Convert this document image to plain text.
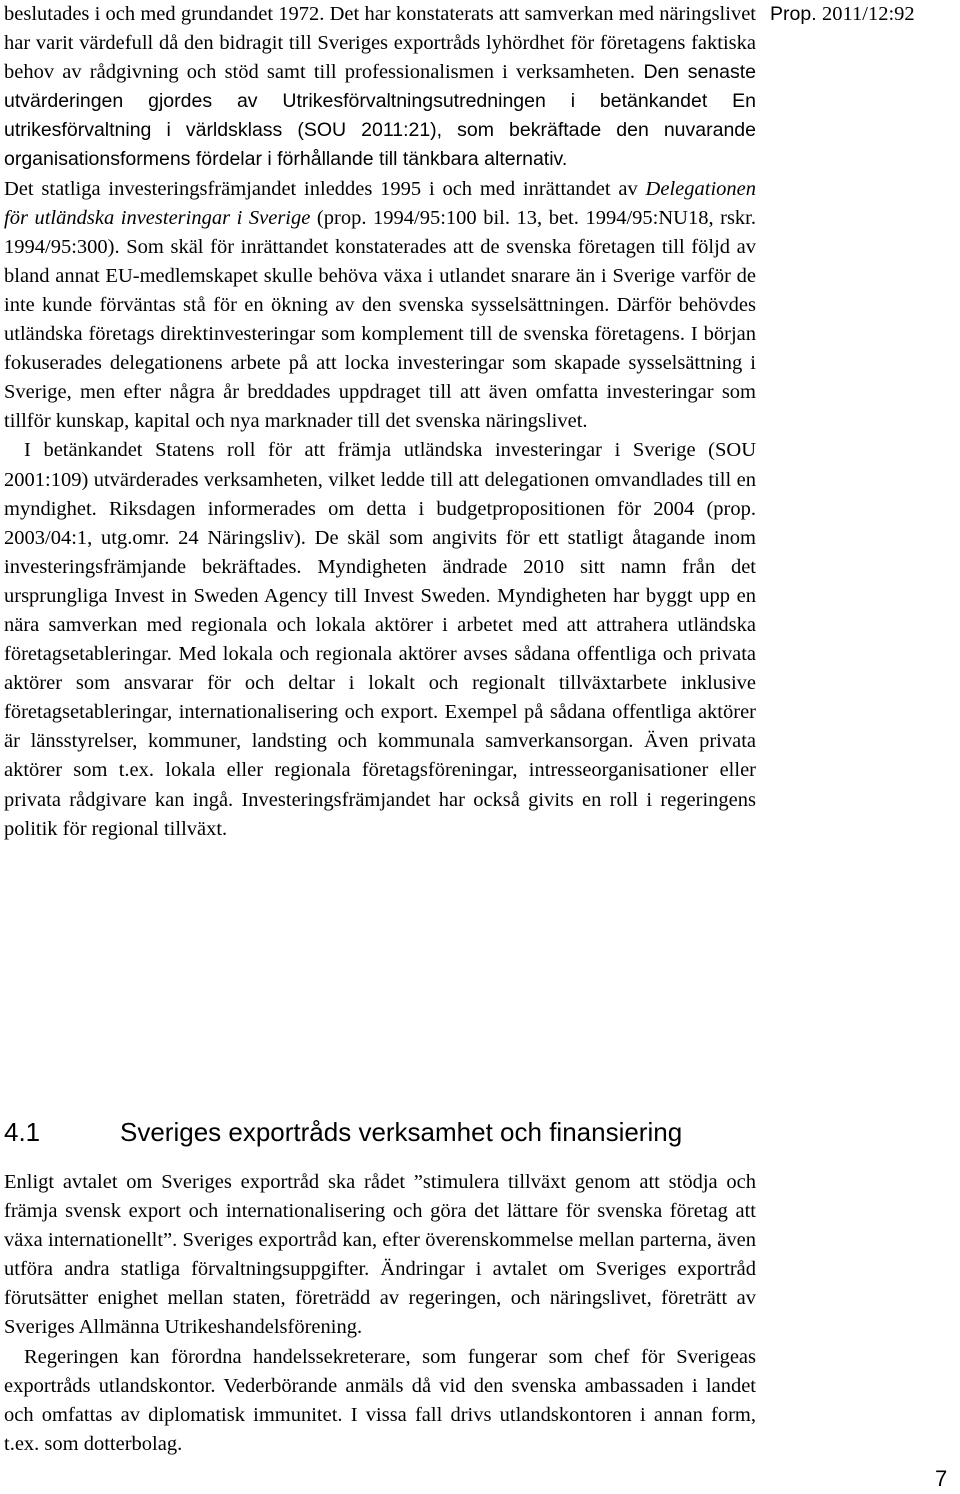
Prop. 2011/12:92

beslutades i och med grundandet 1972. Det har konstaterats att samverkan med näringslivet har varit värdefull då den bidragit till Sveriges exportråds lyhördhet för företagens faktiska behov av rådgivning och stöd samt till professionalismen i verksamheten. Den senaste utvärderingen gjordes av Utrikesförvaltningsutredningen i betänkandet En utrikesförvaltning i världsklass (SOU 2011:21), som bekräftade den nuvarande organisationsformens fördelar i förhållande till tänkbara alternativ.

Det statliga investeringsfrämjandet inleddes 1995 i och med inrättandet av Delegationen för utländska investeringar i Sverige (prop. 1994/95:100 bil. 13, bet. 1994/95:NU18, rskr. 1994/95:300). Som skäl för inrättandet konstaterades att de svenska företagen till följd av bland annat EU-medlemskapet skulle behöva växa i utlandet snarare än i Sverige varför de inte kunde förväntas stå för en ökning av den svenska sysselsättningen. Därför behövdes utländska företags direktinvesteringar som komplement till de svenska företagens. I början fokuserades delegationens arbete på att locka investeringar som skapade sysselsättning i Sverige, men efter några år breddades uppdraget till att även omfatta investeringar som tillför kunskap, kapital och nya marknader till det svenska näringslivet.

I betänkandet Statens roll för att främja utländska investeringar i Sverige (SOU 2001:109) utvärderades verksamheten, vilket ledde till att delegationen omvandlades till en myndighet. Riksdagen informerades om detta i budgetpropositionen för 2004 (prop. 2003/04:1, utg.omr. 24 Näringsliv). De skäl som angivits för ett statligt åtagande inom investeringsfrämjande bekräftades. Myndigheten ändrade 2010 sitt namn från det ursprungliga Invest in Sweden Agency till Invest Sweden. Myndigheten har byggt upp en nära samverkan med regionala och lokala aktörer i arbetet med att attrahera utländska företagsetableringar. Med lokala och regionala aktörer avses sådana offentliga och privata aktörer som ansvarar för och deltar i lokalt och regionalt tillväxtarbete inklusive företagsetableringar, internationalisering och export. Exempel på sådana offentliga aktörer är länsstyrelser, kommuner, landsting och kommunala samverkansorgan. Även privata aktörer som t.ex. lokala eller regionala företagsföreningar, intresseorganisationer eller privata rådgivare kan ingå. Investeringsfrämjandet har också givits en roll i regeringens politik för regional tillväxt.

4.1	Sveriges exportråds verksamhet och finansiering

Enligt avtalet om Sveriges exportråd ska rådet ”stimulera tillväxt genom att stödja och främja svensk export och internationalisering och göra det lättare för svenska företag att växa internationellt”. Sveriges exportråd kan, efter överenskommelse mellan parterna, även utföra andra statliga förvaltningsuppgifter. Ändringar i avtalet om Sveriges exportråd förutsätter enighet mellan staten, företrädd av regeringen, och näringslivet, företrätt av Sveriges Allmänna Utrikeshandelsförening.

Regeringen kan förordna handelssekreterare, som fungerar som chef för Sverigeas exportråds utlandskontor. Vederbörande anmäls då vid den svenska ambassaden i landet och omfattas av diplomatisk immunitet. I vissa fall drivs utlandskontoren i annan form, t.ex. som dotterbolag.

7
